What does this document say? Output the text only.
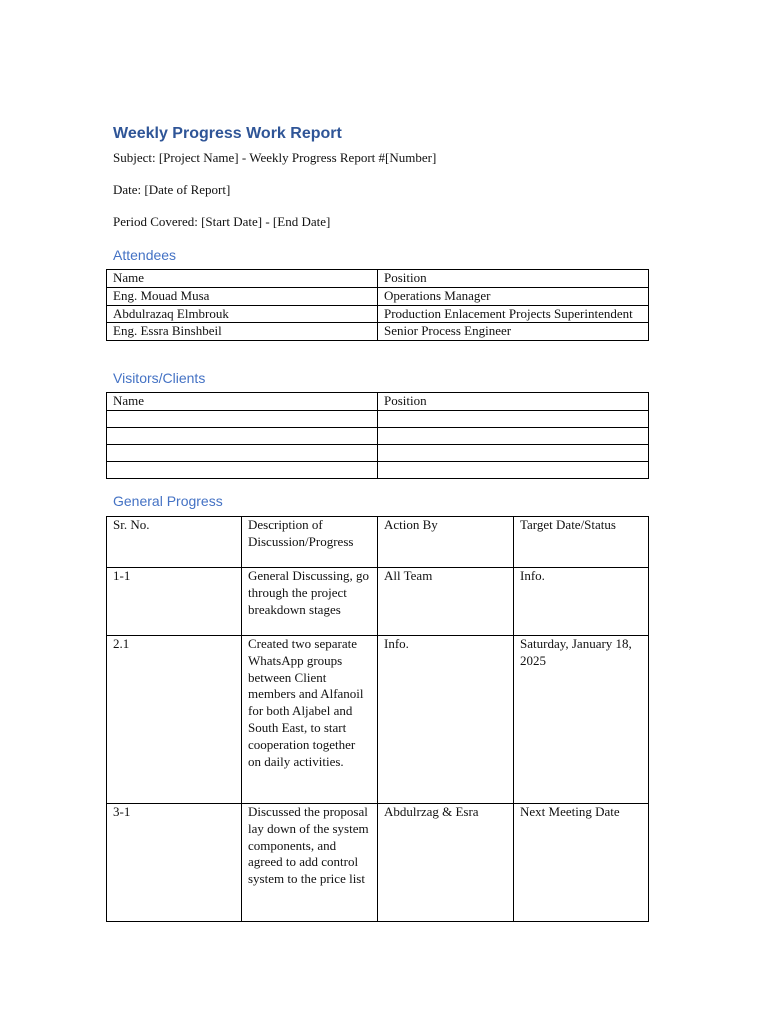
Weekly Progress Work Report

Subject: [Project Name] - Weekly Progress Report #[Number]

Date: [Date of Report]

Period Covered: [Start Date] - [End Date]

Attendees
Name	Position
Eng. Mouad Musa	Operations Manager
Abdulrazaq Elmbrouk	Production Enlacement Projects Superintendent
Eng. Essra Binshbeil	Senior Process Engineer
Visitors/Clients
Name	Position

General Progress
Sr. No.	Description of Discussion/Progress	Action By	Target Date/Status
1-1	General Discussing, go through the project breakdown stages	All Team	Info.
2.1	Created two separate WhatsApp groups between Client members and Alfanoil for both Aljabel and South East, to start cooperation together on daily activities.	Info.	Saturday, January 18, 2025
3-1	Discussed the proposal lay down of the system components, and agreed to add control system to the price list	Abdulrzag & Esra	Next Meeting Date
